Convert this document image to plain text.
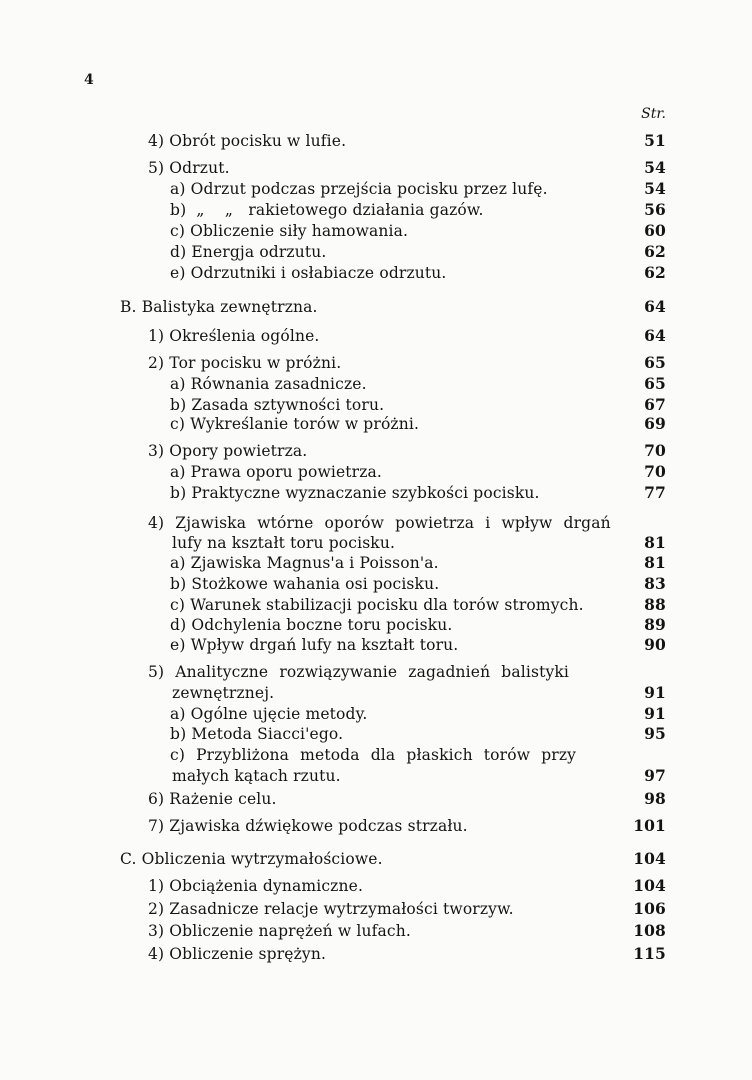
4
Str.
4) Obrót pocisku w lufie.	51
5) Odrzut.	54
a) Odrzut podczas przejścia pocisku przez lufę.	54
b)  „    „   rakietowego działania gazów.	56
c) Obliczenie siły hamowania.	60
d) Energja odrzutu.	62
e) Odrzutniki i osłabiacze odrzutu.	62
B. Balistyka zewnętrzna.	64
1) Określenia ogólne.	64
2) Tor pocisku w próżni.	65
a) Równania zasadnicze.	65
b) Zasada sztywności toru.	67
c) Wykreślanie torów w próżni.	69
3) Opory powietrza.	70
a) Prawa oporu powietrza.	70
b) Praktyczne wyznaczanie szybkości pocisku.	77
4) Zjawiska wtórne oporów powietrza i wpływ drgań
lufy na kształt toru pocisku.	81
a) Zjawiska Magnus'a i Poisson'a.	81
b) Stożkowe wahania osi pocisku.	83
c) Warunek stabilizacji pocisku dla torów stromych.	88
d) Odchylenia boczne toru pocisku.	89
e) Wpływ drgań lufy na kształt toru.	90
5) Analityczne rozwiązywanie zagadnień balistyki
zewnętrznej.	91
a) Ogólne ujęcie metody.	91
b) Metoda Siacci'ego.	95
c) Przybliżona metoda dla płaskich torów przy
małych kątach rzutu.	97
6) Rażenie celu.	98
7) Zjawiska dźwiękowe podczas strzału.	101
C. Obliczenia wytrzymałościowe.	104
1) Obciążenia dynamiczne.	104
2) Zasadnicze relacje wytrzymałości tworzyw.	106
3) Obliczenie naprężeń w lufach.	108
4) Obliczenie sprężyn.	115
